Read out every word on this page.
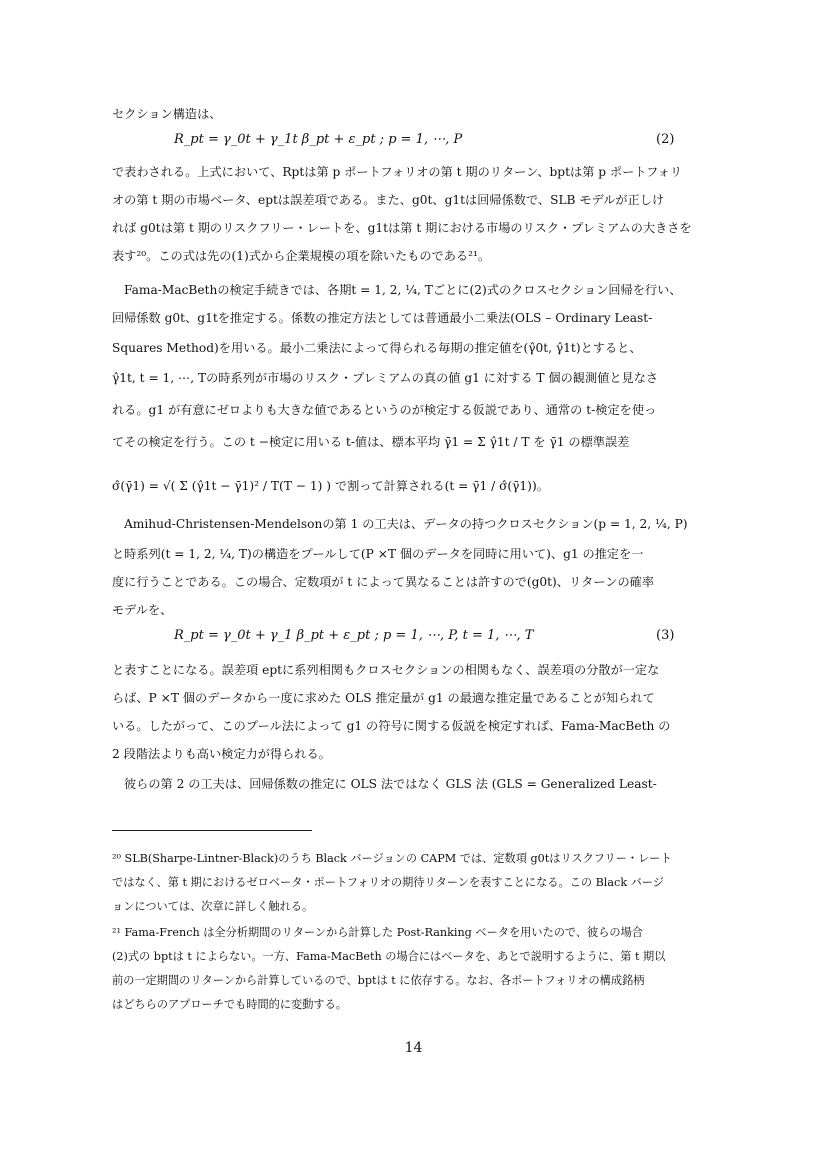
セクション構造は、
R_pt = γ_0t + γ_1t β_pt + ε_pt ; p = 1, ⋯, P	(2)
で表わされる。上式において、Rptは第 p ポートフォリオの第 t 期のリターン、bptは第 p ポートフォリ
オの第 t 期の市場ベータ、eptは誤差項である。また、g0t、g1tは回帰係数で、SLB モデルが正しけ
れば g0tは第 t 期のリスクフリー・レートを、g1tは第 t 期における市場のリスク・プレミアムの大きさを
表す²⁰。この式は先の(1)式から企業規模の項を除いたものである²¹。
Fama-MacBethの検定手続きでは、各期t = 1, 2, ¼, Tごとに(2)式のクロスセクション回帰を行い、
回帰係数 g0t、g1tを推定する。係数の推定方法としては普通最小二乗法(OLS – Ordinary Least-
Squares Method)を用いる。最小二乗法によって得られる毎期の推定値を(γ̂0t, γ̂1t)とすると、
γ̂1t, t = 1, ⋯, Tの時系列が市場のリスク・プレミアムの真の値 g1 に対する T 個の観測値と見なさ
れる。g1 が有意にゼロよりも大きな値であるというのが検定する仮説であり、通常の t-検定を使っ
てその検定を行う。この t −検定に用いる t-値は、標本平均 γ̄1 = Σ γ̂1t / T を γ̄1 の標準誤差
σ̂(γ̄1) = √( Σ (γ̂1t − γ̄1)² / T(T − 1) ) で割って計算される(t = γ̄1 / σ̂(γ̄1))。
Amihud-Christensen-Mendelsonの第 1 の工夫は、データの持つクロスセクション(p = 1, 2, ¼, P)
と時系列(t = 1, 2, ¼, T)の構造をプールして(P ×T 個のデータを同時に用いて)、g1 の推定を一
度に行うことである。この場合、定数項が t によって異なることは許すので(g0t)、リターンの確率
モデルを、
R_pt = γ_0t + γ_1 β_pt + ε_pt ; p = 1, ⋯, P, t = 1, ⋯, T	(3)
と表すことになる。誤差項 eptに系列相関もクロスセクションの相関もなく、誤差項の分散が一定な
らば、P ×T 個のデータから一度に求めた OLS 推定量が g1 の最適な推定量であることが知られて
いる。したがって、このプール法によって g1 の符号に関する仮説を検定すれば、Fama-MacBeth の
2 段階法よりも高い検定力が得られる。
彼らの第 2 の工夫は、回帰係数の推定に OLS 法ではなく GLS 法 (GLS = Generalized Least-
²⁰ SLB(Sharpe-Lintner-Black)のうち Black バージョンの CAPM では、定数項 g0tはリスクフリー・レート
ではなく、第 t 期におけるゼロベータ・ポートフォリオの期待リターンを表すことになる。この Black バージ
ョンについては、次章に詳しく触れる。
²¹ Fama-French は全分析期間のリターンから計算した Post-Ranking ベータを用いたので、彼らの場合
(2)式の bptは t によらない。一方、Fama-MacBeth の場合にはベータを、あとで説明するように、第 t 期以
前の一定期間のリターンから計算しているので、bptは t に依存する。なお、各ポートフォリオの構成銘柄
はどちらのアプローチでも時間的に変動する。
14
